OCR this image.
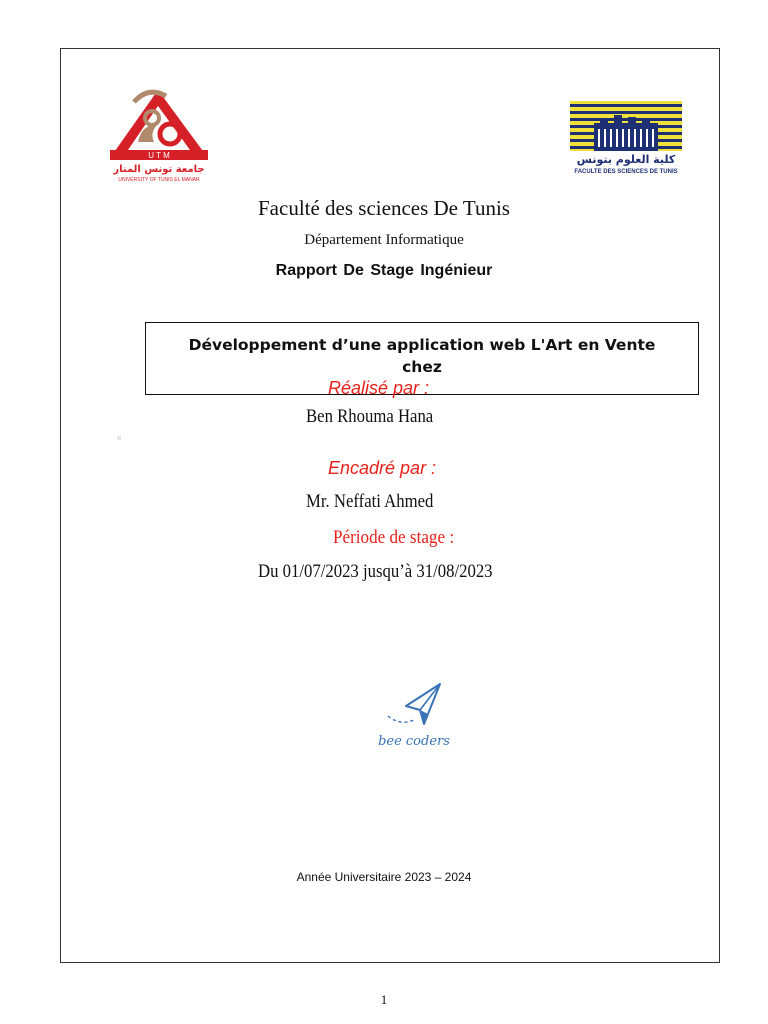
U T M
جامعة تونس المنار
UNIVERSITY OF TUNIS EL MANAR
كلية العلوم بتونس
FACULTE DES SCIENCES DE TUNIS
Faculté des sciences De Tunis
Département Informatique
Rapport De Stage Ingénieur
Développement d’une application web L'Art en Vente
chez
Réalisé par :
Ben Rhouma Hana
Encadré par :
Mr. Neffati Ahmed
Période de stage :
Du 01/07/2023 jusqu’à 31/08/2023
bee coders
Année Universitaire 2023 – 2024
1
